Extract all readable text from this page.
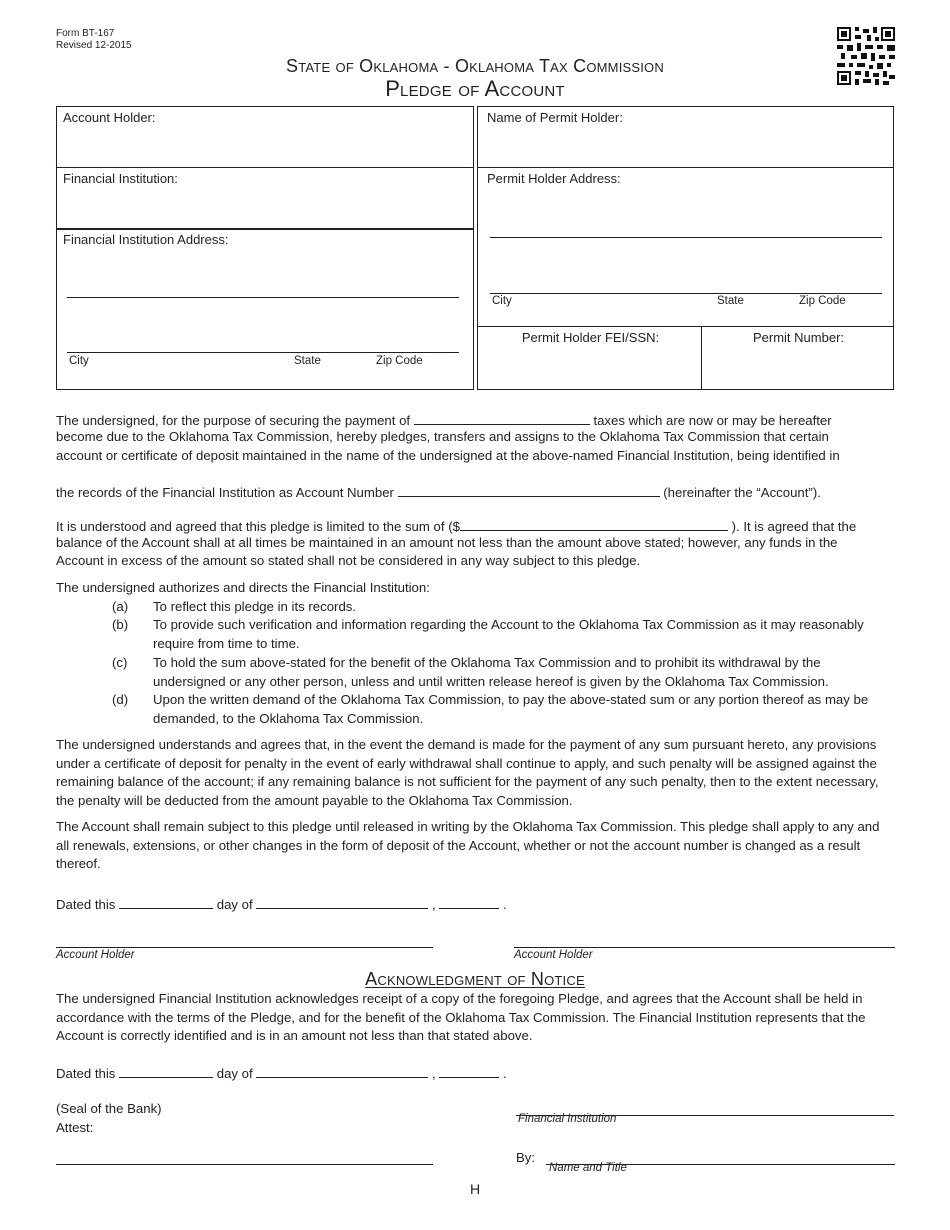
Form BT-167
Revised 12-2015
State of Oklahoma - Oklahoma Tax Commission
Pledge of Account
Account Holder:
Financial Institution:
Financial Institution Address:
City	State	Zip Code
Name of Permit Holder:
Permit Holder Address:
City	State	Zip Code
Permit Holder FEI/SSN:	Permit Number:
The undersigned, for the purpose of securing the payment of	taxes which are now or may be hereafter
become due to the Oklahoma Tax Commission, hereby pledges, transfers and assigns to the Oklahoma Tax Commission that certain
account or certificate of deposit maintained in the name of the undersigned at the above-named Financial Institution, being identified in
the records of the Financial Institution as Account Number	(hereinafter the “Account”).
It is understood and agreed that this pledge is limited to the sum of ($	). It is agreed that the
balance of the Account shall at all times be maintained in an amount not less than the amount above stated; however, any funds in the
Account in excess of the amount so stated shall not be considered in any way subject to this pledge.
The undersigned authorizes and directs the Financial Institution:
(a) To reflect this pledge in its records.
(b) To provide such verification and information regarding the Account to the Oklahoma Tax Commission as it may reasonably require from time to time.
(c) To hold the sum above-stated for the benefit of the Oklahoma Tax Commission and to prohibit its withdrawal by the undersigned or any other person, unless and until written release hereof is given by the Oklahoma Tax Commission.
(d) Upon the written demand of the Oklahoma Tax Commission, to pay the above-stated sum or any portion thereof as may be demanded, to the Oklahoma Tax Commission.

The undersigned understands and agrees that, in the event the demand is made for the payment of any sum pursuant hereto, any provisions under a certificate of deposit for penalty in the event of early withdrawal shall continue to apply, and such penalty will be assigned against the remaining balance of the account; if any remaining balance is not sufficient for the payment of any such penalty, then to the extent necessary, the penalty will be deducted from the amount payable to the Oklahoma Tax Commission.

The Account shall remain subject to this pledge until released in writing by the Oklahoma Tax Commission. This pledge shall apply to any and all renewals, extensions, or other changes in the form of deposit of the Account, whether or not the account number is changed as a result thereof.

Dated this	day of	,	.
Account Holder	Account Holder
Acknowledgment of Notice

The undersigned Financial Institution acknowledges receipt of a copy of the foregoing Pledge, and agrees that the Account shall be held in accordance with the terms of the Pledge, and for the benefit of the Oklahoma Tax Commission. The Financial Institution represents that the Account is correctly identified and is in an amount not less than that stated above.

Dated this	day of	,	.
(Seal of the Bank)
Attest:
Financial Institution
By:
Name and Title
H
